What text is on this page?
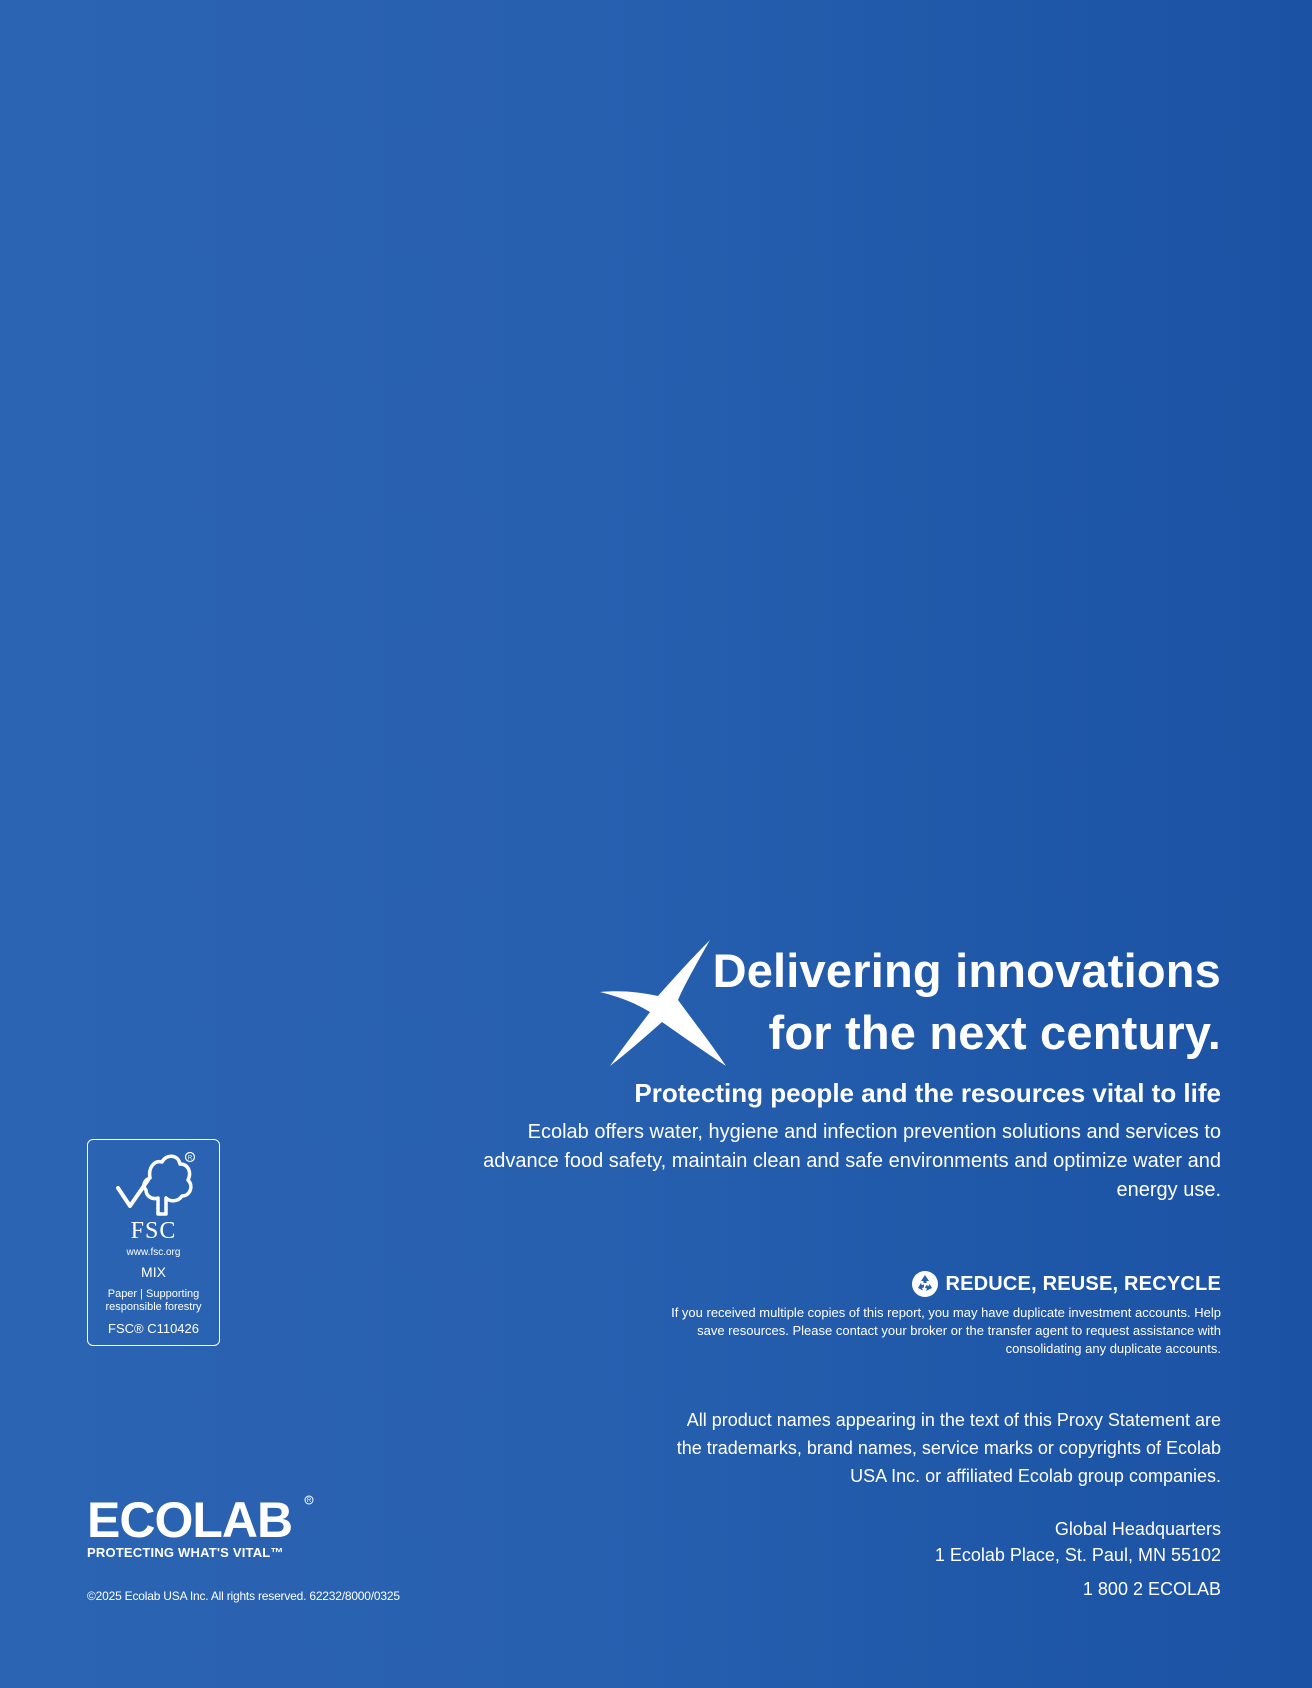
Delivering innovations
for the next century.
Protecting people and the resources vital to life
Ecolab offers water, hygiene and infection prevention solutions and services to advance food safety, maintain clean and safe environments and optimize water and energy use.
REDUCE, REUSE, RECYCLE
If you received multiple copies of this report, you may have duplicate investment accounts. Help save resources. Please contact your broker or the transfer agent to request assistance with consolidating any duplicate accounts.
All product names appearing in the text of this Proxy Statement are the trademarks, brand names, service marks or copyrights of Ecolab USA Inc. or affiliated Ecolab group companies.
Global Headquarters
1 Ecolab Place, St. Paul, MN 55102
1 800 2 ECOLAB
R
FSC
www.fsc.org
MIX
Paper | Supporting
responsible forestry
FSC® C110426
ECOLAB R
PROTECTING WHAT'S VITAL™
©2025 Ecolab USA Inc. All rights reserved. 62232/8000/0325
